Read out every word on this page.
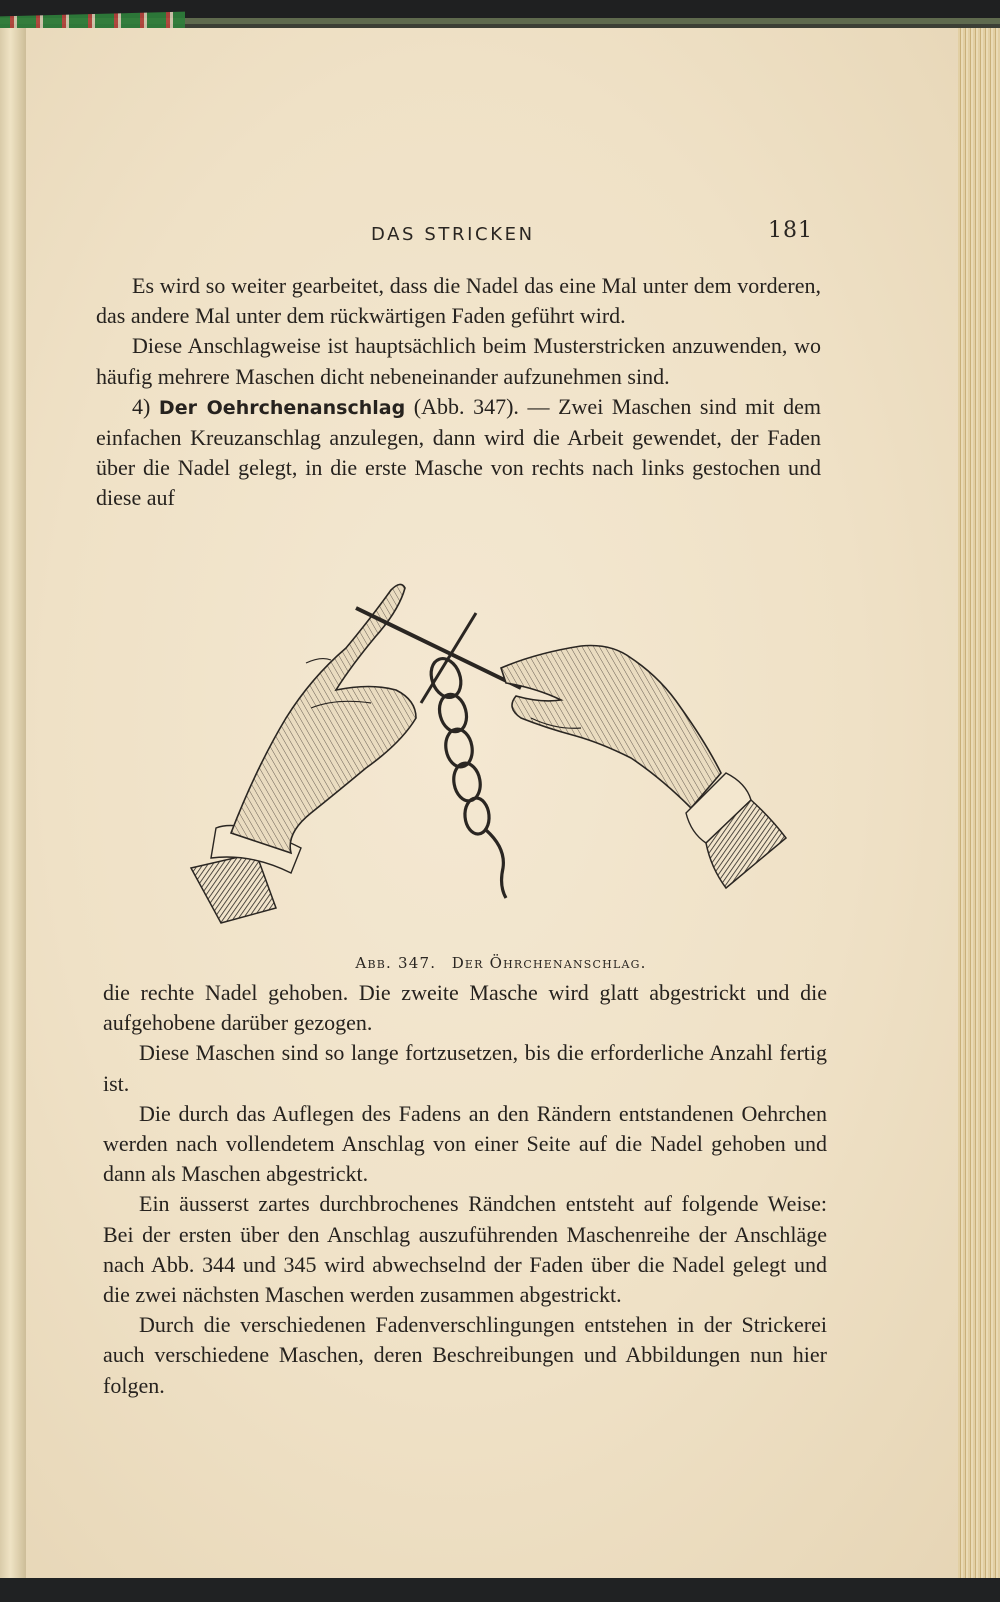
DAS STRICKEN	181

Es wird so weiter gearbeitet, dass die Nadel das eine Mal unter dem vorderen, das andere Mal unter dem rückwärtigen Faden geführt wird.

Diese Anschlagweise ist hauptsächlich beim Musterstricken anzuwenden, wo häufig mehrere Maschen dicht nebeneinander aufzunehmen sind.

4) Der Oehrchenanschlag (Abb. 347). — Zwei Maschen sind mit dem einfachen Kreuzanschlag anzulegen, dann wird die Arbeit gewendet, der Faden über die Nadel gelegt, in die erste Masche von rechts nach links gestochen und diese auf

Abb. 347. Der Öhrchenanschlag.

die rechte Nadel gehoben. Die zweite Masche wird glatt abgestrickt und die aufgehobene darüber gezogen.

Diese Maschen sind so lange fortzusetzen, bis die erforderliche Anzahl fertig ist.

Die durch das Auflegen des Fadens an den Rändern entstandenen Oehrchen werden nach vollendetem Anschlag von einer Seite auf die Nadel gehoben und dann als Maschen abgestrickt.

Ein äusserst zartes durchbrochenes Rändchen entsteht auf folgende Weise: Bei der ersten über den Anschlag auszuführenden Maschenreihe der Anschläge nach Abb. 344 und 345 wird abwechselnd der Faden über die Nadel gelegt und die zwei nächsten Maschen werden zusammen abgestrickt.

Durch die verschiedenen Fadenverschlingungen entstehen in der Strickerei auch verschiedene Maschen, deren Beschreibungen und Abbildungen nun hier folgen.
